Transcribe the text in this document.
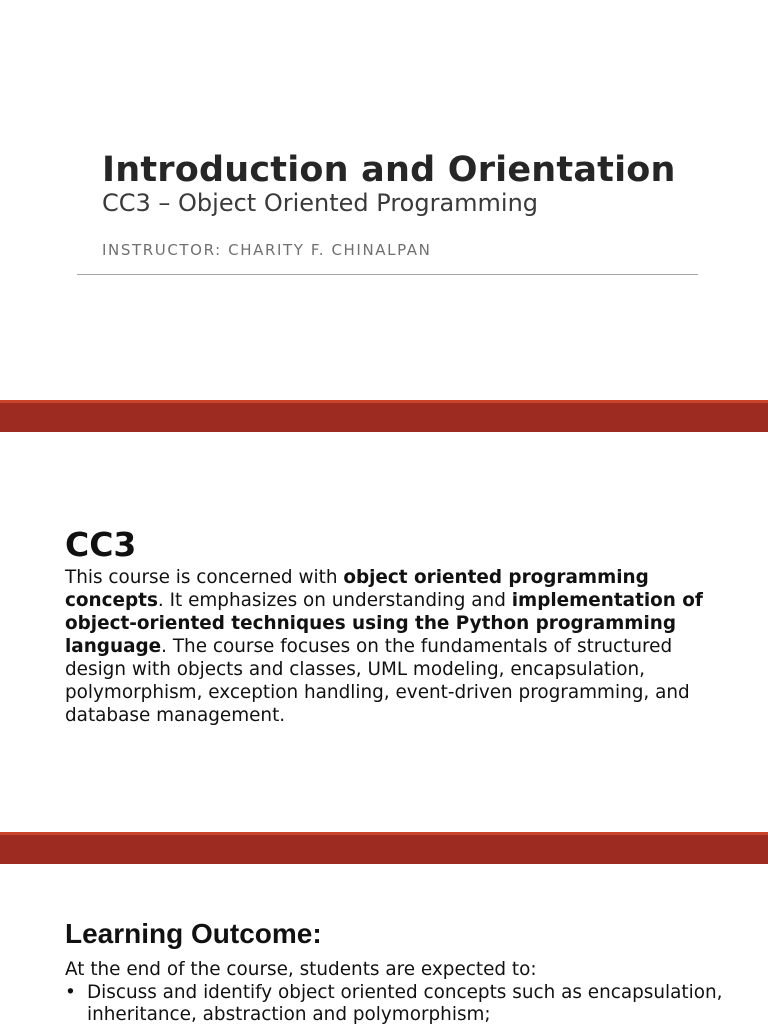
Introduction and Orientation
CC3 – Object Oriented Programming
INSTRUCTOR: CHARITY F. CHINALPAN
CC3
This course is concerned with object oriented programming concepts. It emphasizes on understanding and implementation of object-oriented techniques using the Python programming language. The course focuses on the fundamentals of structured design with objects and classes, UML modeling, encapsulation, polymorphism, exception handling, event-driven programming, and database management.
Learning Outcome:
At the end of the course, students are expected to:
• Discuss and identify object oriented concepts such as encapsulation, inheritance, abstraction and polymorphism;
